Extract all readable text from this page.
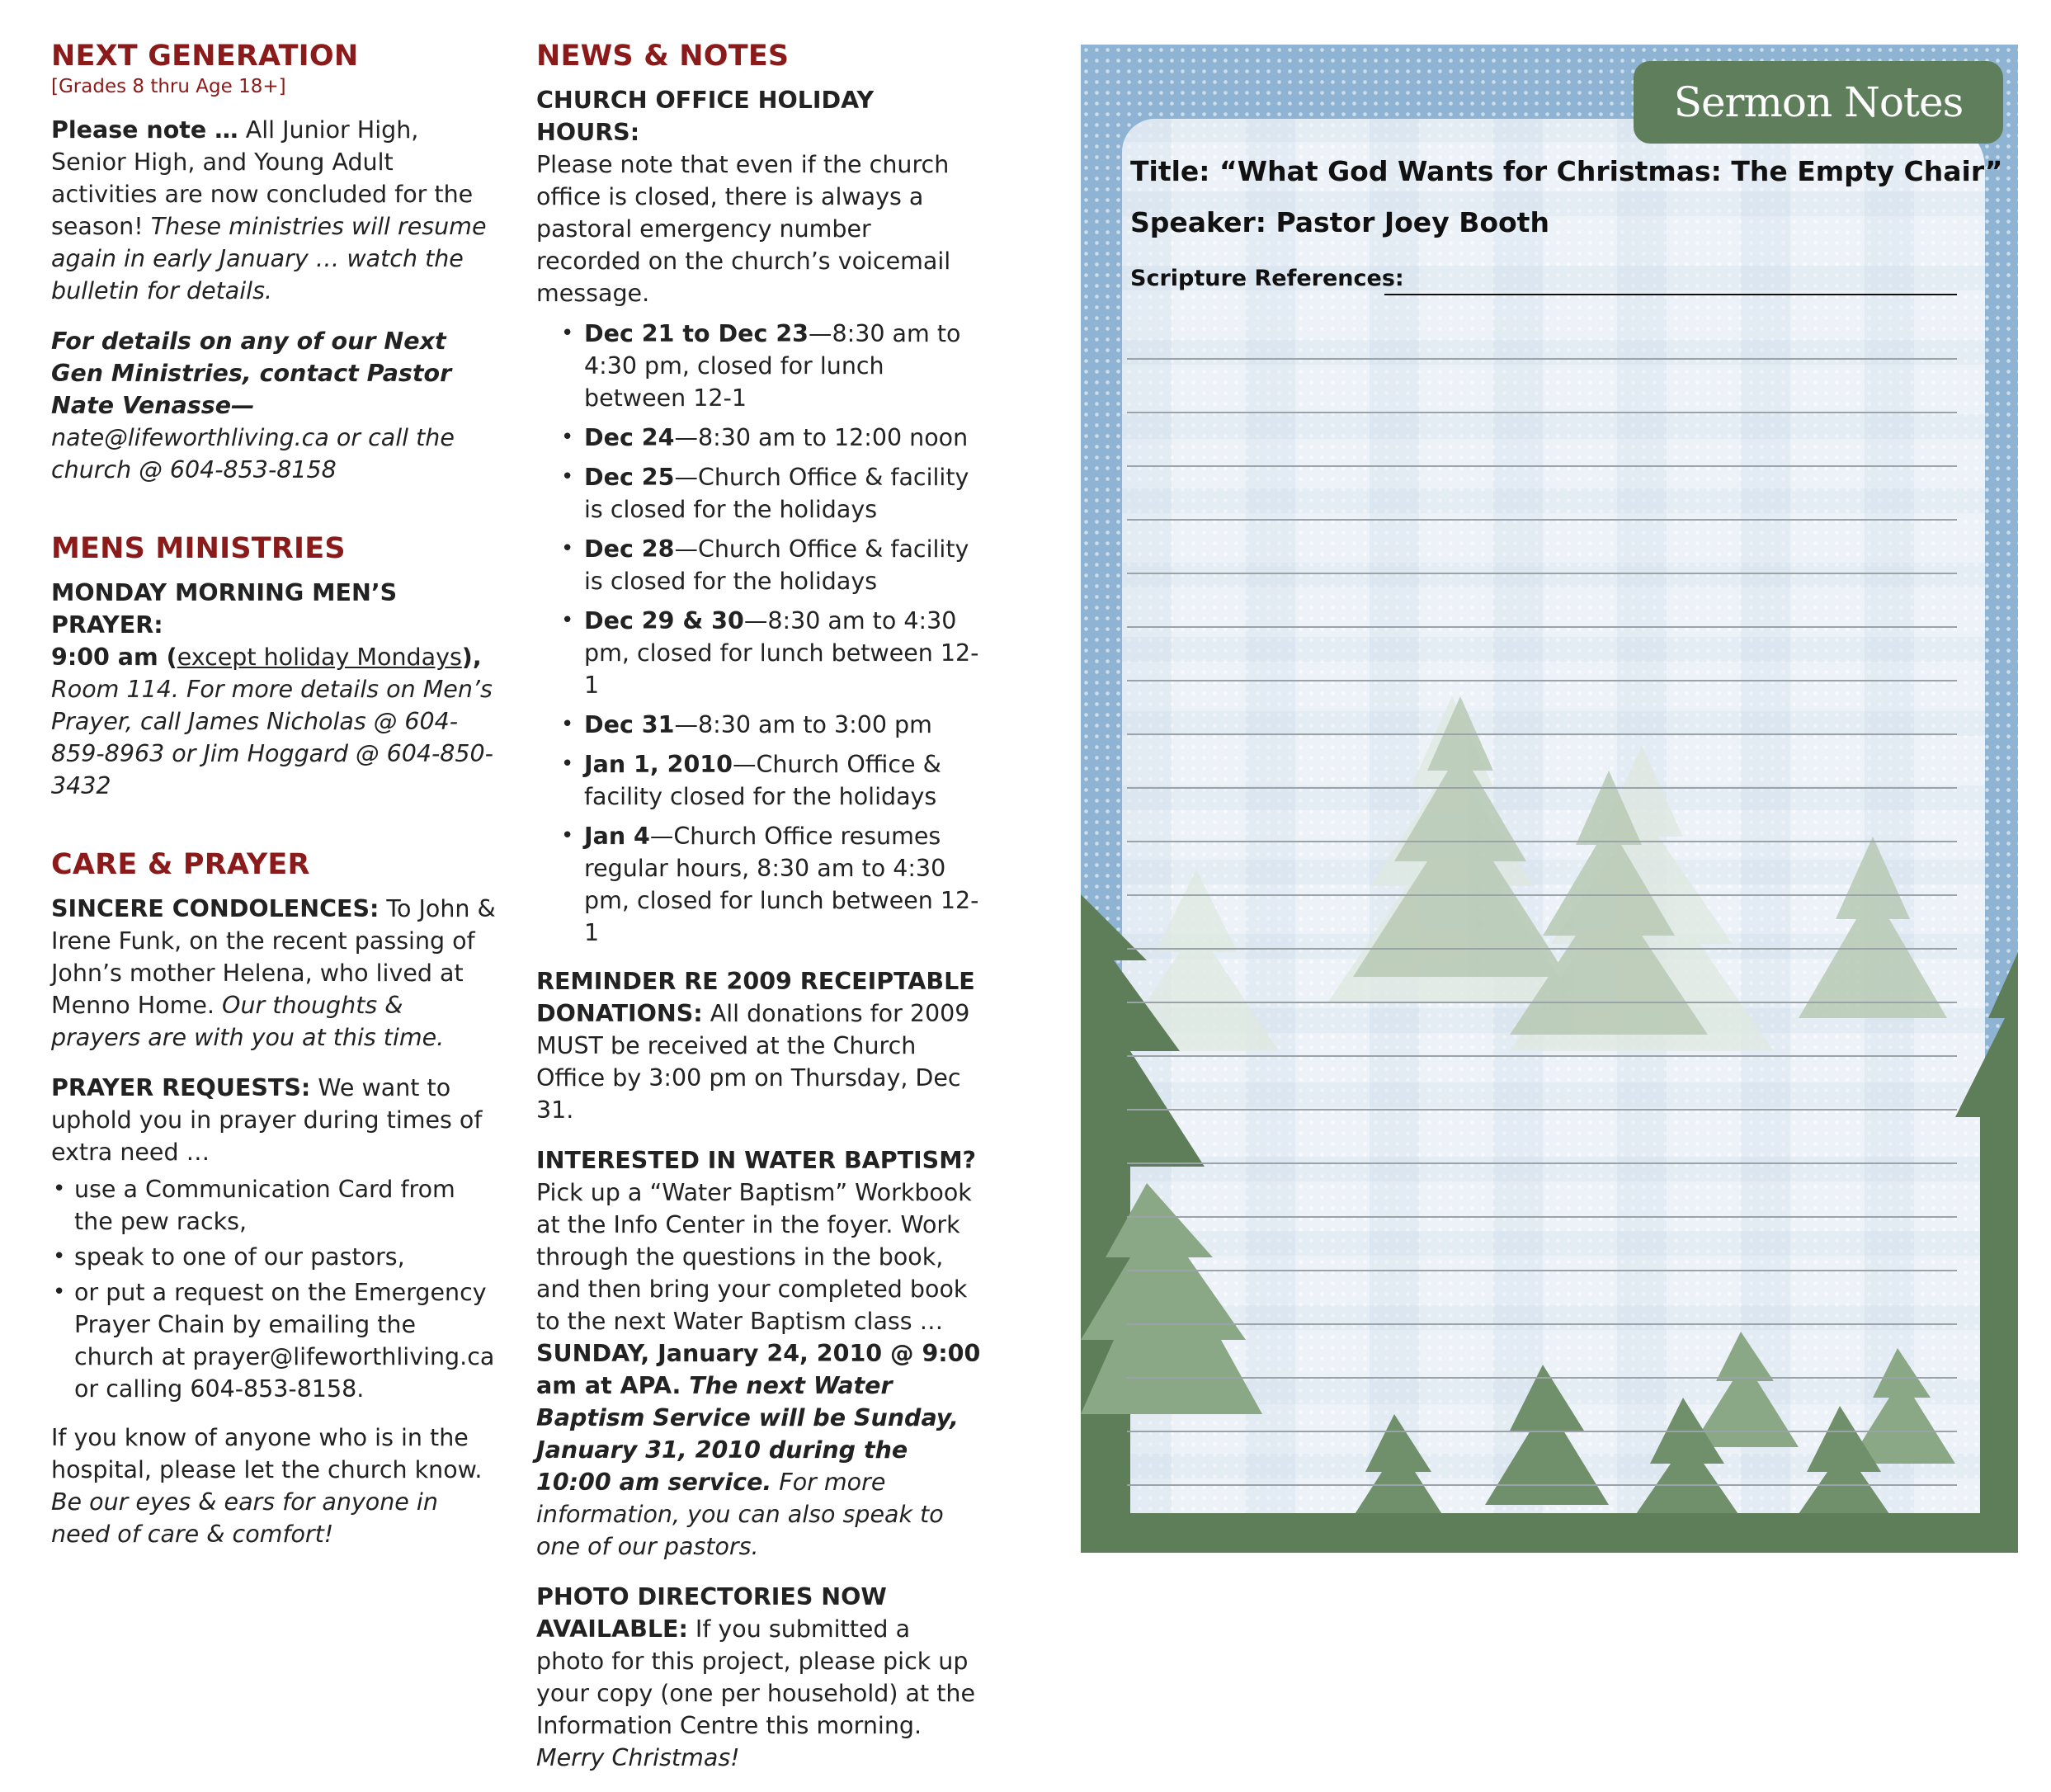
NEXT GENERATION
[Grades 8 thru Age 18+]

Please note … All Junior High, Senior High, and Young Adult activities are now concluded for the season! These ministries will resume again in early January … watch the bulletin for details.

For details on any of our Next Gen Ministries, contact Pastor Nate Venasse—nate@lifeworthliving.ca or call the church @ 604-853-8158

MENS MINISTRIES

MONDAY MORNING MEN’S PRAYER:
9:00 am (except holiday Mondays), Room 114. For more details on Men’s Prayer, call James Nicholas @ 604-859-8963 or Jim Hoggard @ 604-850-3432

CARE & PRAYER

SINCERE CONDOLENCES: To John & Irene Funk, on the recent passing of John’s mother Helena, who lived at Menno Home. Our thoughts & prayers are with you at this time.

PRAYER REQUESTS: We want to uphold you in prayer during times of extra need …

• use a Communication Card from the pew racks,
• speak to one of our pastors,
• or put a request on the Emergency Prayer Chain by emailing the church at prayer@lifeworthliving.ca or calling 604-853-8158.

If you know of anyone who is in the hospital, please let the church know. Be our eyes & ears for anyone in need of care & comfort!

NEWS & NOTES

CHURCH OFFICE HOLIDAY HOURS:
Please note that even if the church office is closed, there is always a pastoral emergency number recorded on the church’s voicemail message.

• Dec 21 to Dec 23—8:30 am to 4:30 pm, closed for lunch between 12-1
• Dec 24—8:30 am to 12:00 noon
• Dec 25—Church Office & facility is closed for the holidays
• Dec 28—Church Office & facility is closed for the holidays
• Dec 29 & 30—8:30 am to 4:30 pm, closed for lunch between 12-1
• Dec 31—8:30 am to 3:00 pm
• Jan 1, 2010—Church Office & facility closed for the holidays
• Jan 4—Church Office resumes regular hours, 8:30 am to 4:30 pm, closed for lunch between 12-1

REMINDER RE 2009 RECEIPTABLE DONATIONS: All donations for 2009 MUST be received at the Church Office by 3:00 pm on Thursday, Dec 31.

INTERESTED IN WATER BAPTISM? Pick up a “Water Baptism” Workbook at the Info Center in the foyer. Work through the questions in the book, and then bring your completed book to the next Water Baptism class … SUNDAY, January 24, 2010 @ 9:00 am at APA. The next Water Baptism Service will be Sunday, January 31, 2010 during the 10:00 am service. For more information, you can also speak to one of our pastors.

PHOTO DIRECTORIES NOW AVAILABLE: If you submitted a photo for this project, please pick up your copy (one per household) at the Information Centre this morning. Merry Christmas!

Sermon Notes
Title: “What God Wants for Christmas: The Empty Chair”
Speaker: Pastor Joey Booth
Scripture References:
